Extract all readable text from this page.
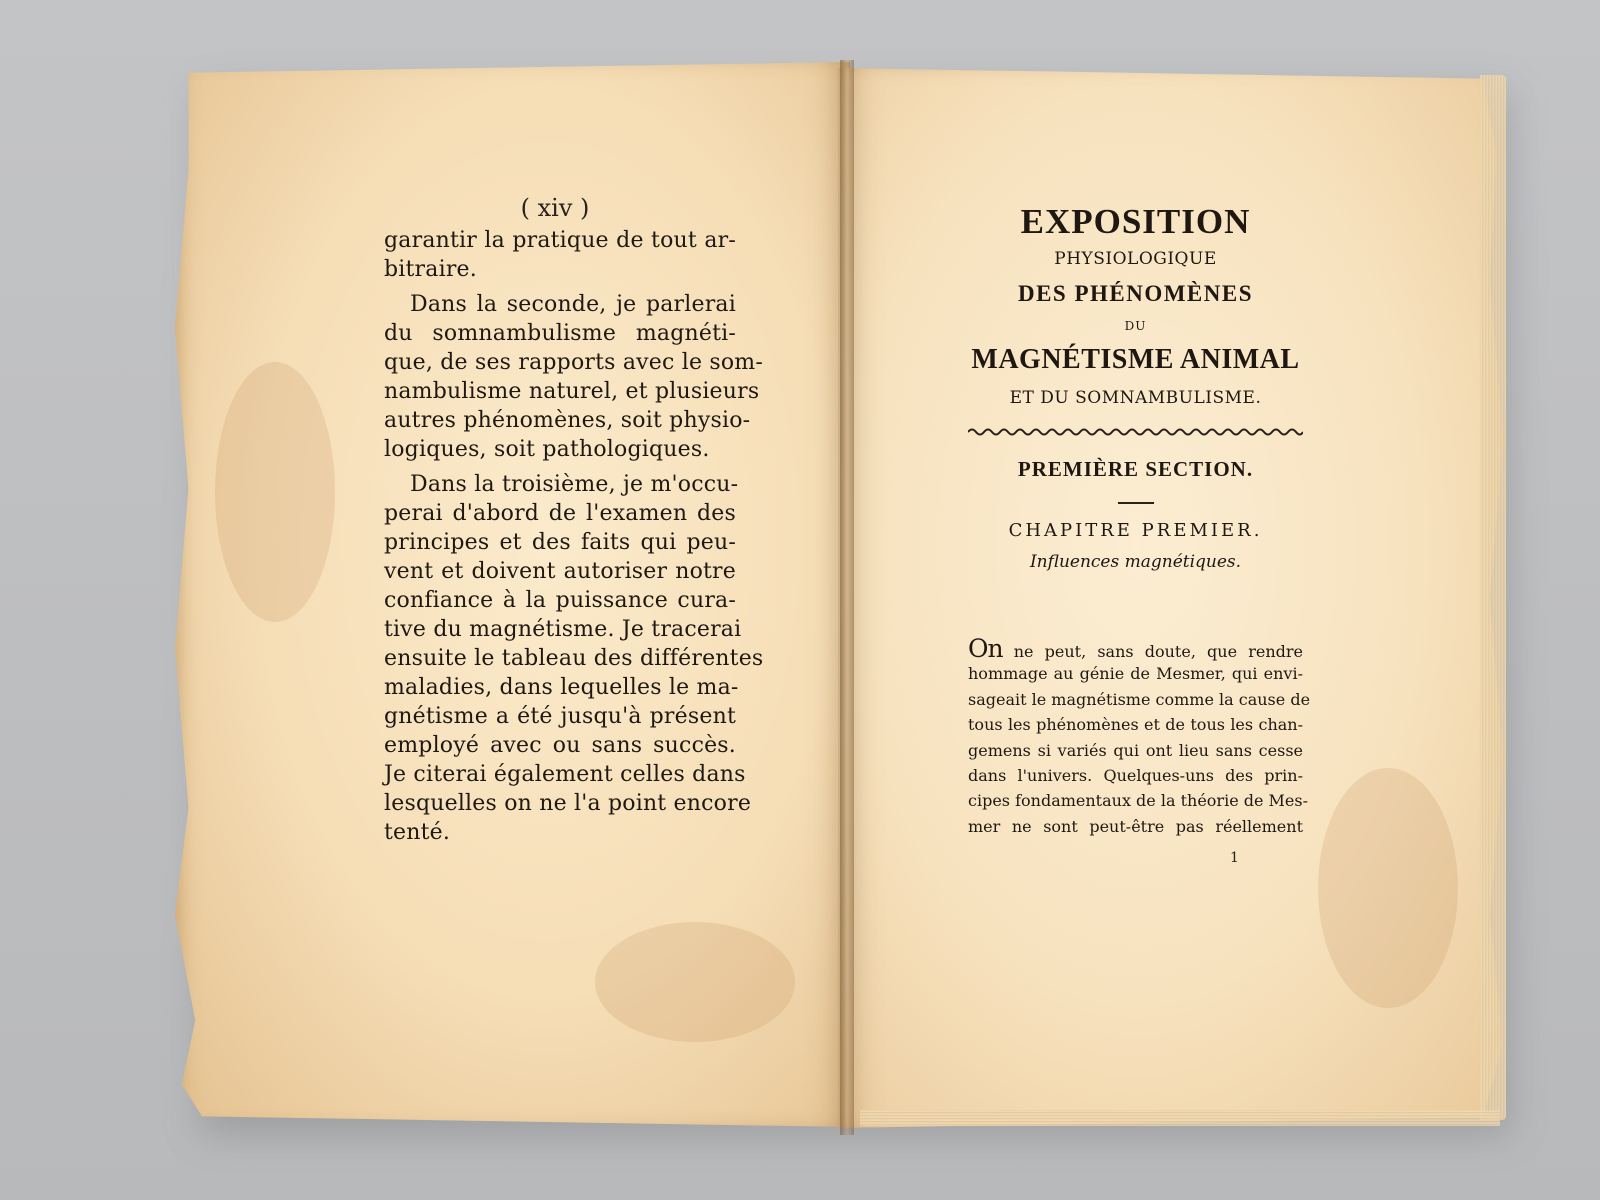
( xiv )
garantir la pratique de tout ar-
bitraire.
Dans la seconde, je parlerai
du somnambulisme magnéti-
que, de ses rapports avec le som-
nambulisme naturel, et plusieurs
autres phénomènes, soit physio-
logiques, soit pathologiques.
Dans la troisième, je m'occu-
perai d'abord de l'examen des
principes et des faits qui peu-
vent et doivent autoriser notre
confiance à la puissance cura-
tive du magnétisme. Je tracerai
ensuite le tableau des différentes
maladies, dans lequelles le ma-
gnétisme a été jusqu'à présent
employé avec ou sans succès.
Je citerai également celles dans
lesquelles on ne l'a point encore
tenté.
EXPOSITION
PHYSIOLOGIQUE
DES PHÉNOMÈNES
DU
MAGNÉTISME ANIMAL
ET DU SOMNAMBULISME.
PREMIÈRE SECTION.
CHAPITRE PREMIER.
Influences magnétiques.
On ne peut, sans doute, que rendre
hommage au génie de Mesmer, qui envi-
sageait le magnétisme comme la cause de
tous les phénomènes et de tous les chan-
gemens si variés qui ont lieu sans cesse
dans l'univers. Quelques-uns des prin-
cipes fondamentaux de la théorie de Mes-
mer ne sont peut-être pas réellement
1
